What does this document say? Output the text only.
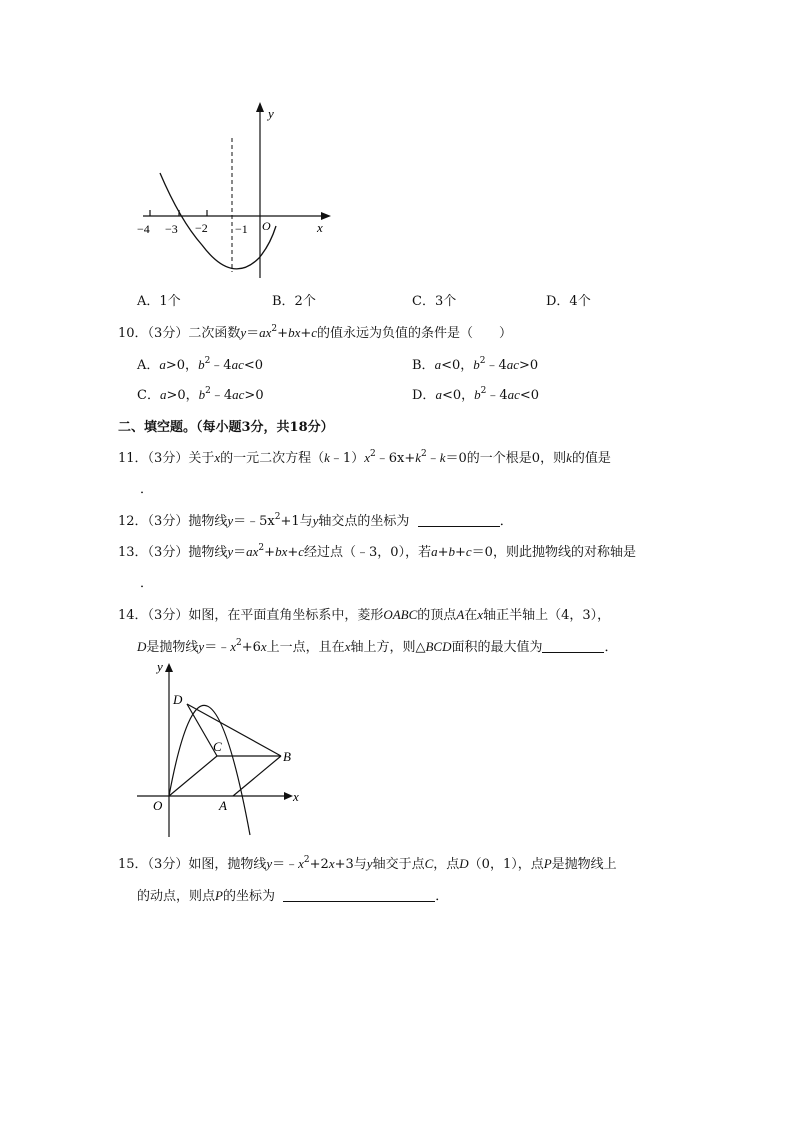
y
x
O
−4 −3 −2 −1
A．1个	B．2个	C．3个	D．4个
10．（3分）二次函数$y=ax^2+bx+c$的值永远为负值的条件是（　　）
A．a>0，$b^2﹣4ac<0$	B．a<0，$b^2﹣4ac>0$
C．a>0，$b^2﹣4ac>0$	D．a<0，$b^2﹣4ac<0$
二、填空题。（每小题3分，共18分）
11．（3分）关于x的一元二次方程$(k﹣1)x^2﹣6x+k^2﹣k=0$的一个根是0，则k的值是
．
12．（3分）抛物线$y=﹣5x^2+1$与y轴交点的坐标为	．
13．（3分）抛物线$y=ax^2+bx+c$经过点（﹣3，0），若a+b+c＝0，则此抛物线的对称轴是
．
14．（3分）如图，在平面直角坐标系中，菱形OABC的顶点A在x轴正半轴上（4，3），
D是抛物线$y=﹣x^2+6x$上一点，且在x轴上方，则△BCD面积的最大值为	．
y
x
O	A
B
C
D
15．（3分）如图，抛物线$y=﹣x^2+2x+3$与y轴交于点C，点D（0，1），点P是抛物线上
的动点，则点P的坐标为	．
